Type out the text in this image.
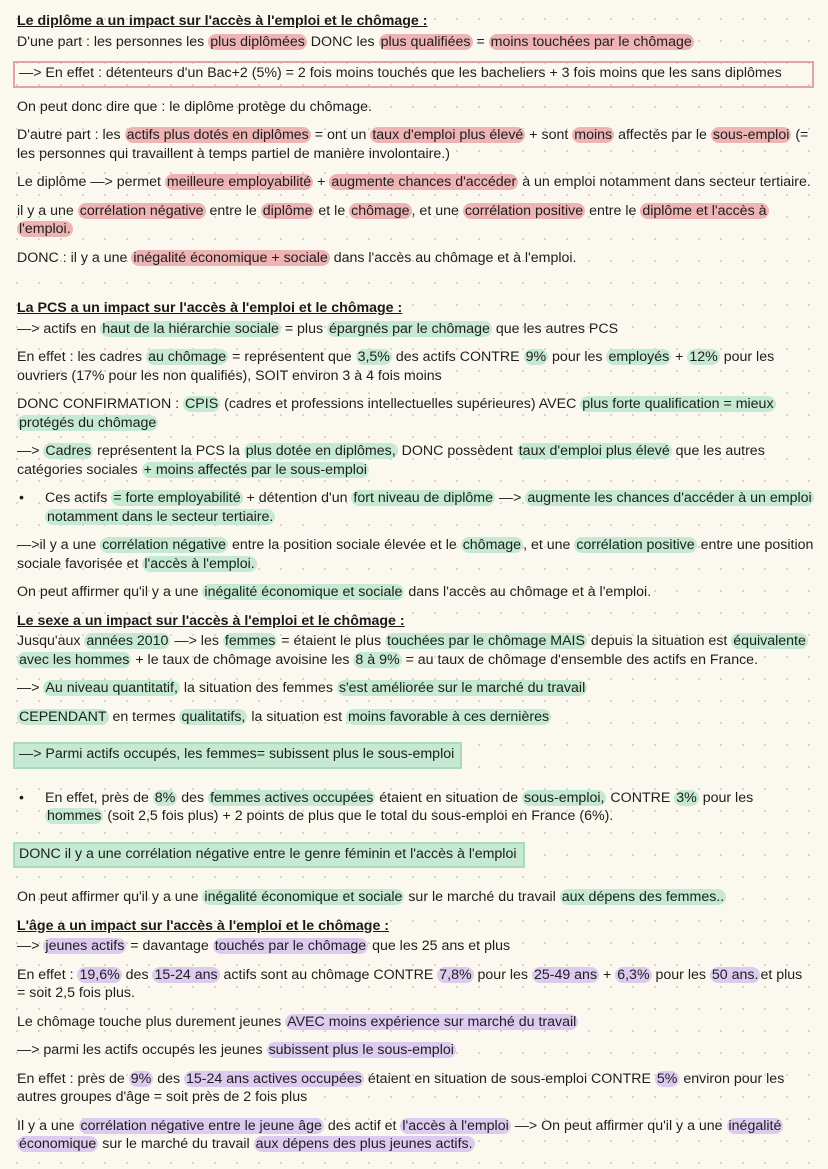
Le diplôme a un impact sur l'accès à l'emploi et le chômage :
D'une part : les personnes les plus diplômées DONC les plus qualifiées = moins touchées par le chômage
—> En effet : détenteurs d'un Bac+2 (5%) = 2 fois moins touchés que les bacheliers + 3 fois moins que les sans diplômes
On peut donc dire que : le diplôme protège du chômage.
D'autre part : les actifs plus dotés en diplômes = ont un taux d'emploi plus élevé + sont moins affectés par le sous-emploi (= les personnes qui travaillent à temps partiel de manière involontaire.)
Le diplôme —> permet meilleure employabilité + augmente chances d'accéder à un emploi notamment dans secteur tertiaire.
il y a une corrélation négative entre le diplôme et le chômage , et une corrélation positive entre le diplôme et l'accès à l'emploi.
DONC : il y a une inégalité économique + sociale dans l'accès au chômage et à l'emploi.
La PCS a un impact sur l'accès à l'emploi et le chômage :
—> actifs en haut de la hiérarchie sociale = plus épargnés par le chômage que les autres PCS
En effet : les cadres au chômage = représentent que 3,5% des actifs CONTRE 9% pour les employés + 12% pour les ouvriers (17% pour les non qualifiés), SOIT environ 3 à 4 fois moins
DONC CONFIRMATION : CPIS (cadres et professions intellectuelles supérieures) AVEC plus forte qualification = mieux protégés du chômage
—> Cadres représentent la PCS la plus dotée en diplômes, DONC possèdent taux d'emploi plus élevé que les autres catégories sociales + moins affectés par le sous-emploi
• Ces actifs = forte employabilité + détention d'un fort niveau de diplôme —> augmente les chances d'accéder à un emploi notamment dans le secteur tertiaire.
—>il y a une corrélation négative entre la position sociale élevée et le chômage , et une corrélation positive entre une position sociale favorisée et l'accès à l'emploi.
On peut affirmer qu'il y a une inégalité économique et sociale dans l'accès au chômage et à l'emploi.
Le sexe a un impact sur l'accès à l'emploi et le chômage :
Jusqu'aux années 2010 —> les femmes = étaient le plus touchées par le chômage MAIS depuis la situation est équivalente avec les hommes + le taux de chômage avoisine les 8 à 9% = au taux de chômage d'ensemble des actifs en France.
—> Au niveau quantitatif, la situation des femmes s'est améliorée sur le marché du travail
CEPENDANT en termes qualitatifs, la situation est moins favorable à ces dernières
—> Parmi actifs occupés, les femmes= subissent plus le sous-emploi
• En effet, près de 8% des femmes actives occupées étaient en situation de sous-emploi, CONTRE 3% pour les hommes (soit 2,5 fois plus) + 2 points de plus que le total du sous-emploi en France (6%).
DONC il y a une corrélation négative entre le genre féminin et l'accès à l'emploi
On peut affirmer qu'il y a une inégalité économique et sociale sur le marché du travail aux dépens des femmes..
L'âge a un impact sur l'accès à l'emploi et le chômage :
—> jeunes actifs = davantage touchés par le chômage que les 25 ans et plus
En effet : 19,6% des 15-24 ans actifs sont au chômage CONTRE 7,8% pour les 25-49 ans + 6,3% pour les 50 ans. et plus = soit 2,5 fois plus.
Le chômage touche plus durement jeunes AVEC moins expérience sur marché du travail
—> parmi les actifs occupés les jeunes subissent plus le sous-emploi
En effet : près de 9% des 15-24 ans actives occupées étaient en situation de sous-emploi CONTRE 5% environ pour les autres groupes d'âge = soit près de 2 fois plus
Il y a une corrélation négative entre le jeune âge des actif et l'accès à l'emploi —> On peut affirmer qu'il y a une inégalité économique sur le marché du travail aux dépens des plus jeunes actifs.
